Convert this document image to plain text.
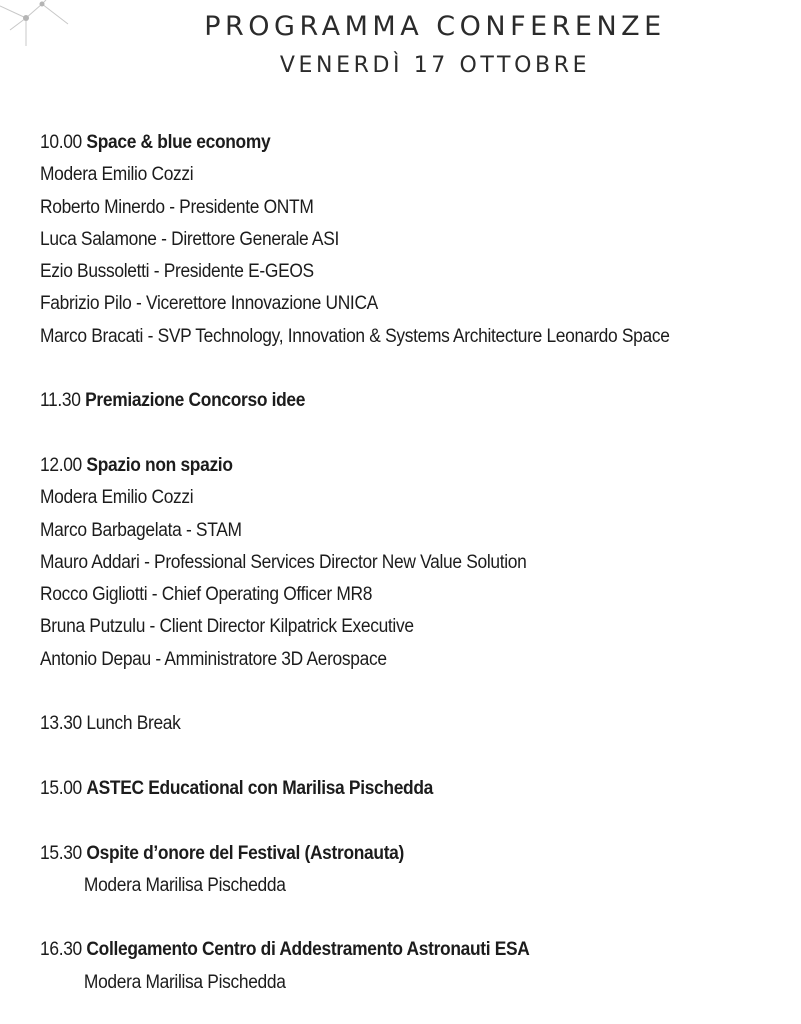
PROGRAMMA CONFERENZE
VENERDÌ 17 OTTOBRE
10.00 Space & blue economy
Modera Emilio Cozzi
Roberto Minerdo - Presidente ONTM
Luca Salamone - Direttore Generale ASI
Ezio Bussoletti - Presidente E-GEOS
Fabrizio Pilo - Vicerettore Innovazione UNICA
Marco Bracati - SVP Technology, Innovation & Systems Architecture Leonardo Space
11.30 Premiazione Concorso idee
12.00 Spazio non spazio
Modera Emilio Cozzi
Marco Barbagelata - STAM
Mauro Addari - Professional Services Director New Value Solution
Rocco Gigliotti - Chief Operating Officer MR8
Bruna Putzulu - Client Director Kilpatrick Executive
Antonio Depau - Amministratore 3D Aerospace
13.30 Lunch Break
15.00 ASTEC Educational con Marilisa Pischedda
15.30 Ospite d’onore del Festival (Astronauta)
Modera Marilisa Pischedda
16.30 Collegamento Centro di Addestramento Astronauti ESA
Modera Marilisa Pischedda
